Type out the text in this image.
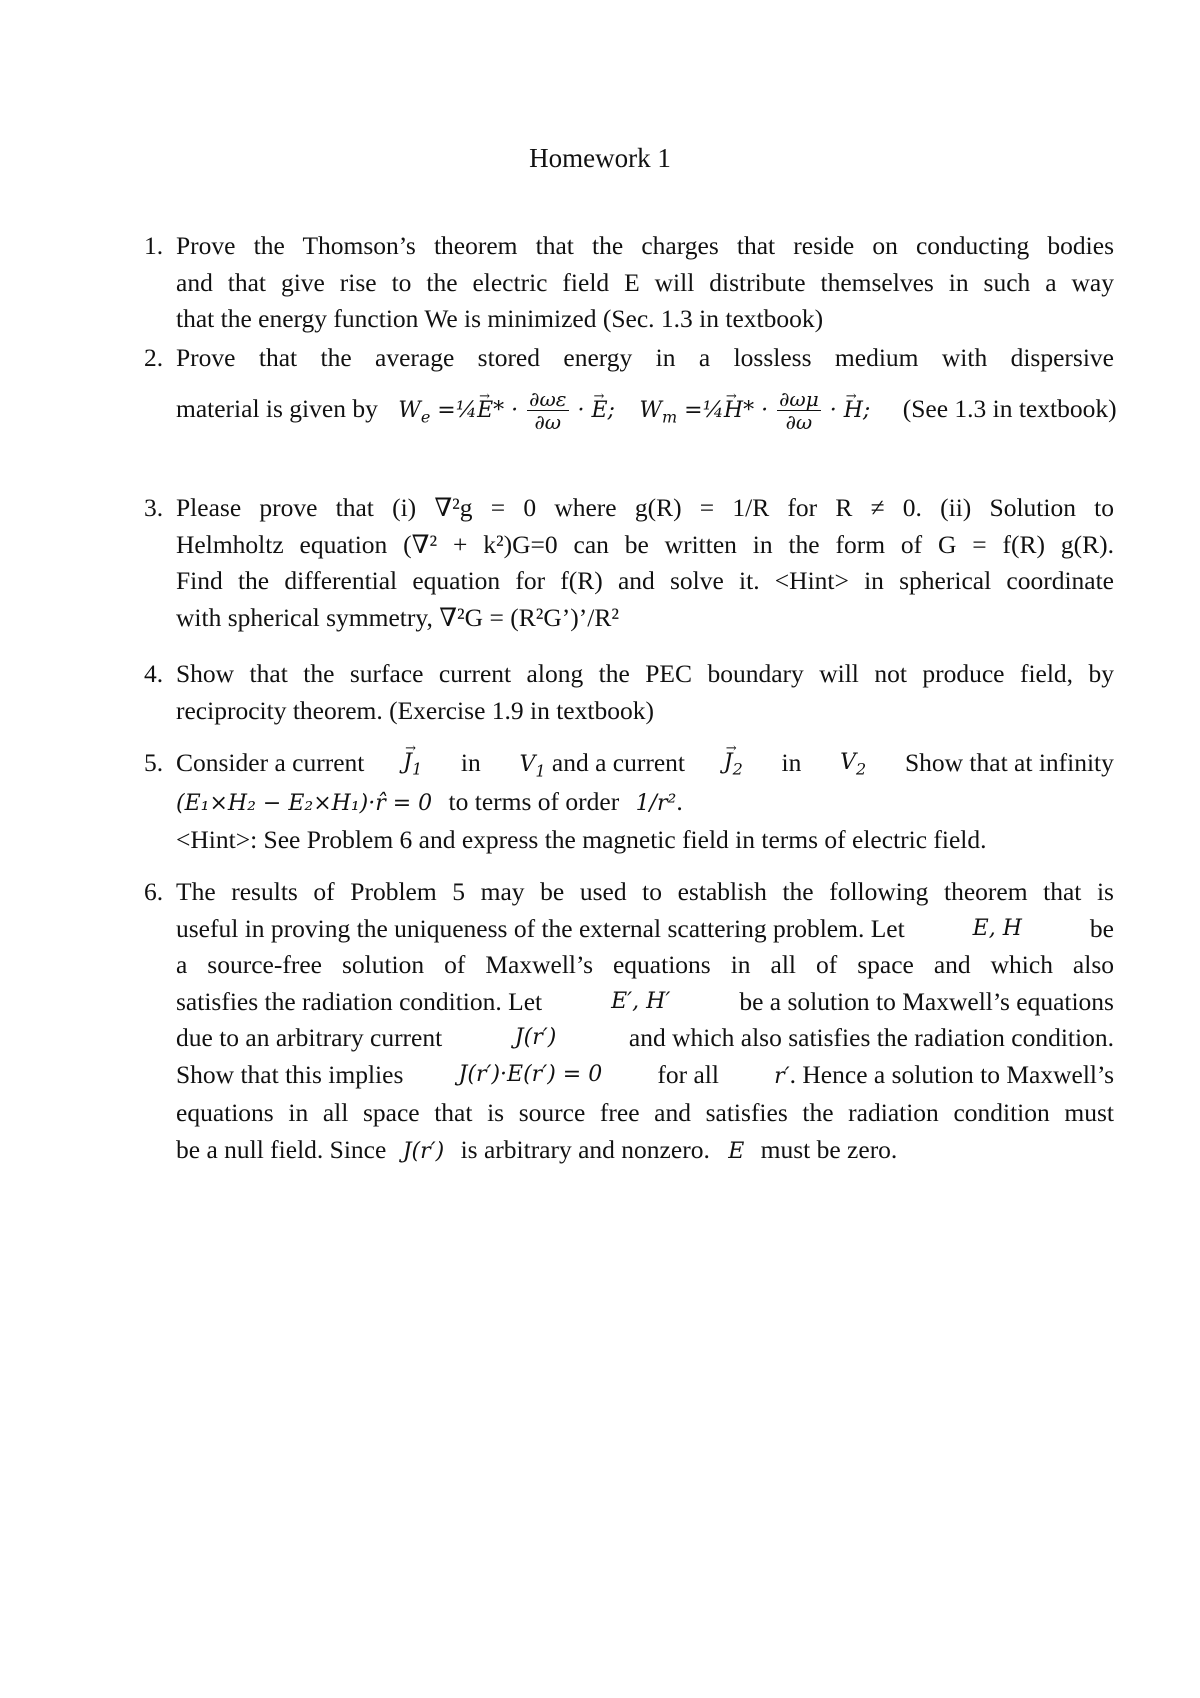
Homework 1
1. Prove the Thomson’s theorem that the charges that reside on conducting bodies
and that give rise to the electric field E will distribute themselves in such a way
that the energy function We is minimized (Sec. 1.3 in textbook)
2. Prove that the average stored energy in a lossless medium with dispersive
material is given by $W_e$ =¼→ $E* \cdot \frac{\partial\omega\varepsilon}{\partial\omega}$ · → E; $W_m$ =¼→ $H* \cdot \frac{\partial\omega\mu}{\partial\omega}$ · → H; (See 1.3 in textbook)
3. Please prove that (i) ∇²g = 0 where g(R) = 1/R for R ≠ 0. (ii) Solution to
Helmholtz equation (∇² + k²)G=0 can be written in the form of G = f(R) g(R).
Find the differential equation for f(R) and solve it. <Hint> in spherical coordinate
with spherical symmetry, ∇²G = (R²G’)’/R²
4. Show that the surface current along the PEC boundary will not produce field, by
reciprocity theorem. (Exercise 1.9 in textbook)
5. Consider a current → $J_1$ in $V_1$ and a current → $J_2$ in $V_2$ Show that at infinity
(E₁×H₂ − E₂×H₁)·r̂ = 0 to terms of order 1/r².
<Hint>: See Problem 6 and express the magnetic field in terms of electric field.
6. The results of Problem 5 may be used to establish the following theorem that is
useful in proving the uniqueness of the external scattering problem. Let	E, H	be
a source-free solution of Maxwell’s equations in all of space and which also
satisfies the radiation condition. Let	E′, H′	be a solution to Maxwell’s equations
due to an arbitrary current	J(r′)	and which also satisfies the radiation condition.
Show that this implies	J(r′)·E(r′) = 0 for all	r′. Hence a solution to Maxwell’s
equations in all space that is source free and satisfies the radiation condition must
be a null field. Since J(r′) is arbitrary and nonzero. E must be zero.
